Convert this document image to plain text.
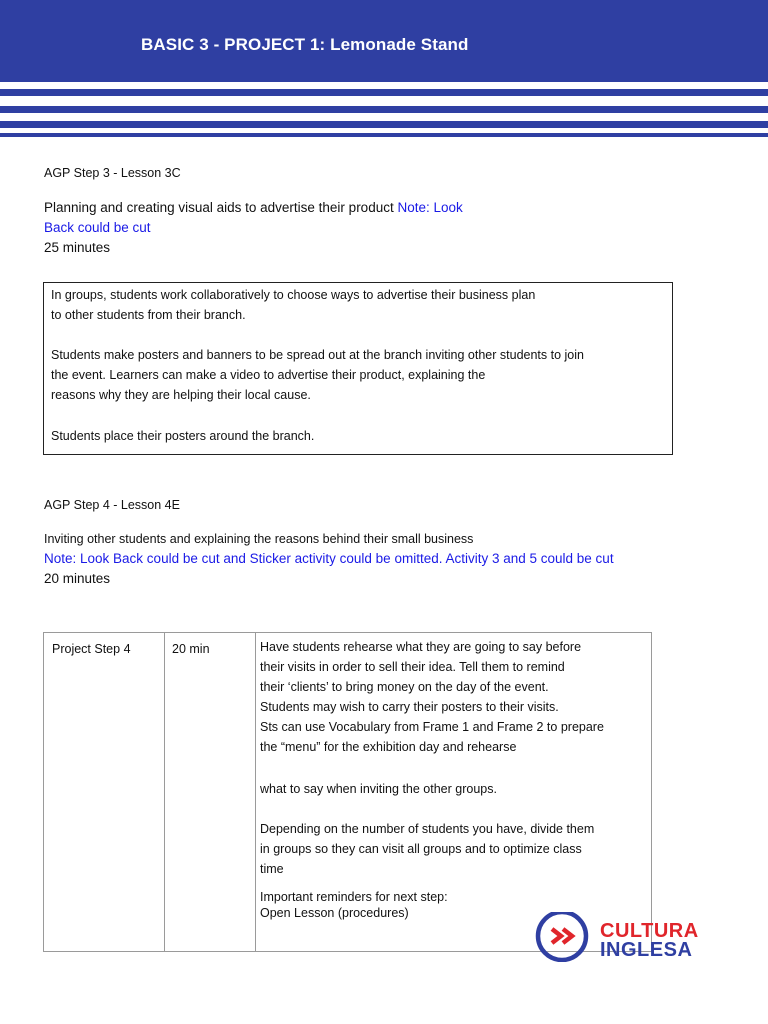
BASIC 3 - PROJECT 1: Lemonade Stand
AGP Step 3 - Lesson 3C
Planning and creating visual aids to advertise their product Note: Look
Back could be cut
25 minutes
In groups, students work collaboratively to choose ways to advertise their business plan
to other students from their branch.
Students make posters and banners to be spread out at the branch inviting other students to join
the event. Learners can make a video to advertise their product, explaining the
reasons why they are helping their local cause.
Students place their posters around the branch.
AGP Step 4 - Lesson 4E
Inviting other students and explaining the reasons behind their small business
Note: Look Back could be cut and Sticker activity could be omitted. Activity 3 and 5 could be cut
20 minutes
Project Step 4	20 min	Have students rehearse what they are going to say before
their visits in order to sell their idea. Tell them to remind
their ‘clients’ to bring money on the day of the event.
Students may wish to carry their posters to their visits.
Sts can use Vocabulary from Frame 1 and Frame 2 to prepare
the “menu” for the exhibition day and rehearse
what to say when inviting the other groups.
Depending on the number of students you have, divide them
in groups so they can visit all groups and to optimize class
time
Important reminders for next step:
Open Lesson (procedures)
CULTURA
INGLESA
